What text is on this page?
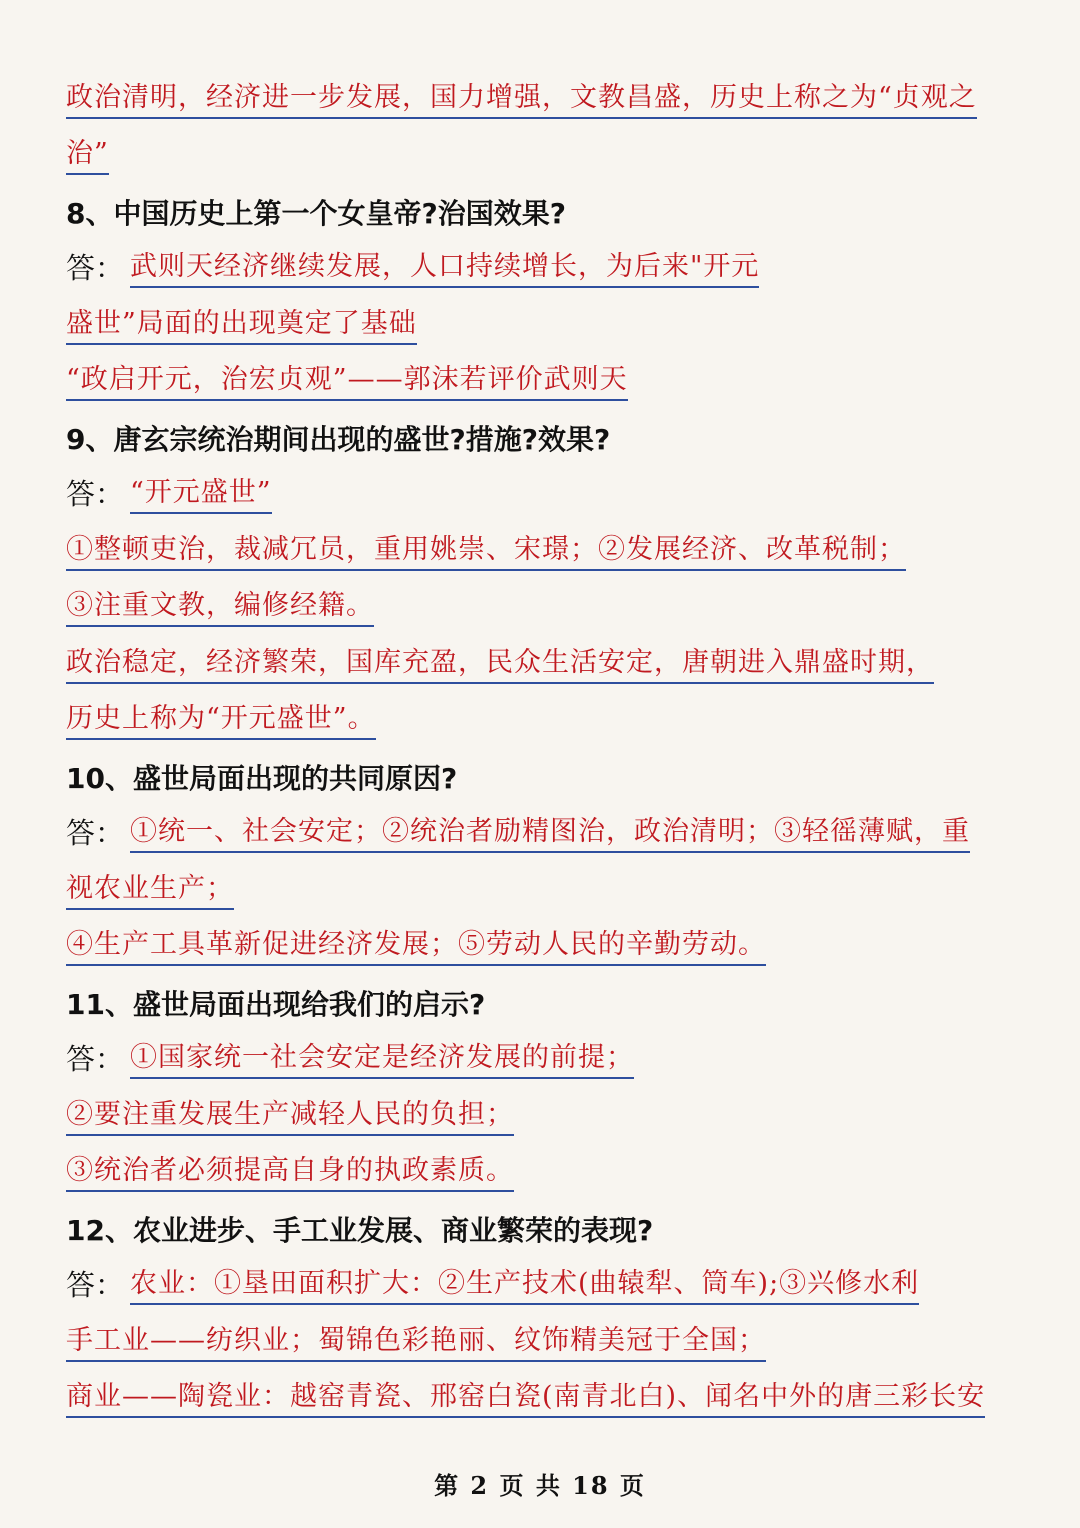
政治清明，经济进一步发展，国力增强，文教昌盛，历史上称之为“贞观之
治”
8、中国历史上第一个女皇帝?治国效果?
答： 武则天经济继续发展，人口持续增长，为后来"开元
盛世”局面的出现奠定了基础
“政启开元，治宏贞观”——郭沫若评价武则天
9、唐玄宗统治期间出现的盛世?措施?效果?
答： “开元盛世”
①整顿吏治，裁减冗员，重用姚崇、宋璟；②发展经济、改革税制；
③注重文教，编修经籍。
政治稳定，经济繁荣，国库充盈，民众生活安定，唐朝进入鼎盛时期，
历史上称为“开元盛世”。
10、盛世局面出现的共同原因?
答： ①统一、社会安定；②统治者励精图治，政治清明；③轻徭薄赋，重
视农业生产；
④生产工具革新促进经济发展；⑤劳动人民的辛勤劳动。
11、盛世局面出现给我们的启示?
答： ①国家统一社会安定是经济发展的前提；
②要注重发展生产减轻人民的负担；
③统治者必须提高自身的执政素质。
12、农业进步、手工业发展、商业繁荣的表现?
答： 农业：①垦田面积扩大：②生产技术(曲辕犁、筒车);③兴修水利
手工业——纺织业；蜀锦色彩艳丽、纹饰精美冠于全国；
商业——陶瓷业：越窑青瓷、邢窑白瓷(南青北白)、闻名中外的唐三彩长安
第 2 页 共 18 页
